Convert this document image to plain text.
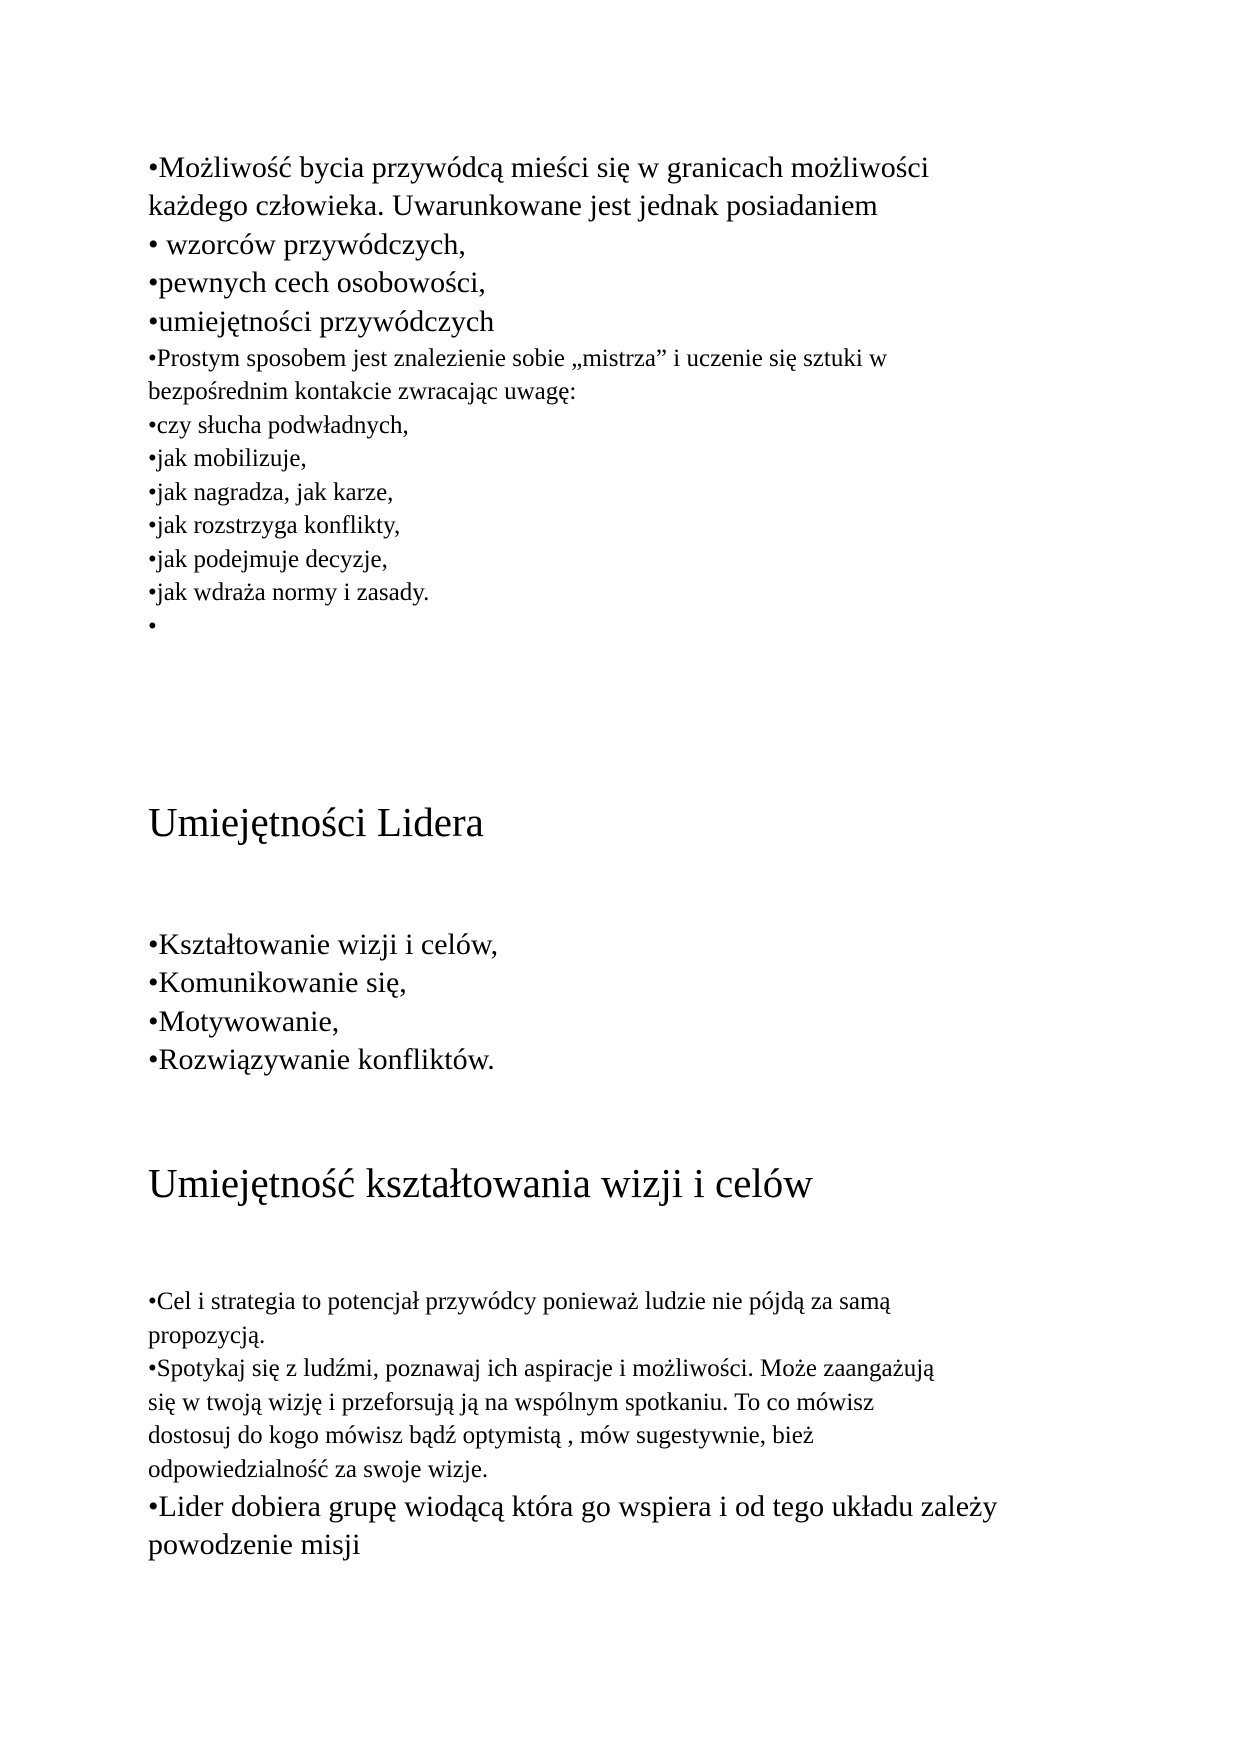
•Możliwość bycia przywódcą mieści się w granicach możliwości
każdego człowieka. Uwarunkowane jest jednak posiadaniem
• wzorców przywódczych,
•pewnych cech osobowości,
•umiejętności przywódczych
•Prostym sposobem jest znalezienie sobie „mistrza” i uczenie się sztuki w
bezpośrednim kontakcie zwracając uwagę:
•czy słucha podwładnych,
•jak mobilizuje,
•jak nagradza, jak karze,
•jak rozstrzyga konflikty,
•jak podejmuje decyzje,
•jak wdraża normy i zasady.
•
Umiejętności Lidera
•Kształtowanie wizji i celów,
•Komunikowanie się,
•Motywowanie,
•Rozwiązywanie konfliktów.
Umiejętność kształtowania wizji i celów
•Cel i strategia to potencjał przywódcy ponieważ ludzie nie pójdą za samą
propozycją.
•Spotykaj się z ludźmi, poznawaj ich aspiracje i możliwości. Może zaangażują
się w twoją wizję i przeforsują ją na wspólnym spotkaniu. To co mówisz
dostosuj do kogo mówisz bądź optymistą , mów sugestywnie, bież
odpowiedzialność za swoje wizje.
•Lider dobiera grupę wiodącą która go wspiera i od tego układu zależy
powodzenie misji
